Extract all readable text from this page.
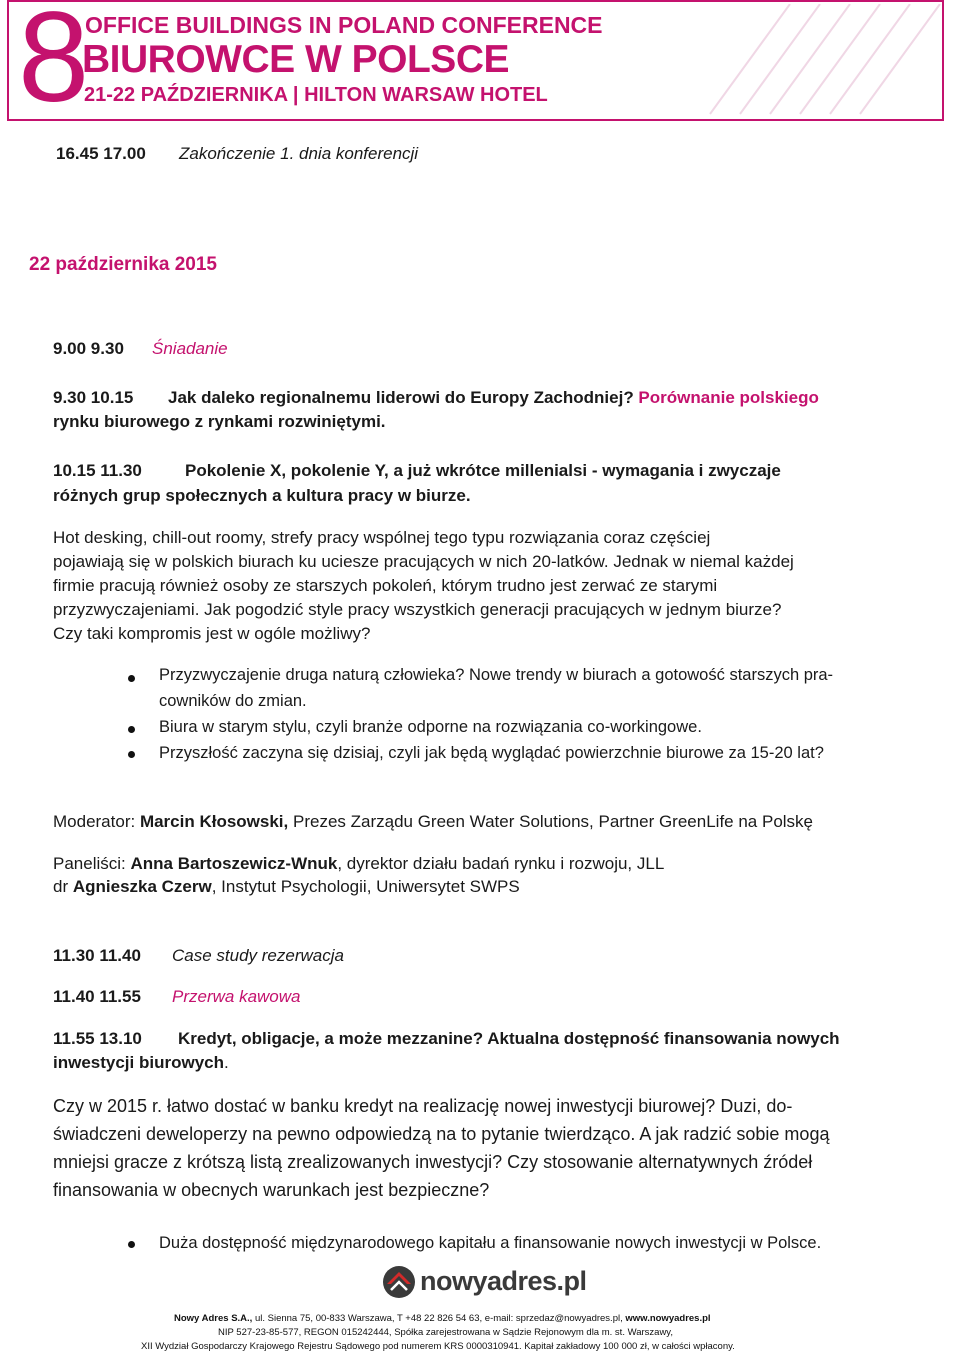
8
OFFICE BUILDINGS IN POLAND CONFERENCE
BIUROWCE W POLSCE
21-22 PAŹDZIERNIKA | HILTON WARSAW HOTEL
16.45 17.00 Zakończenie 1. dnia konferencji
22 października 2015
9.00 9.30 Śniadanie
9.30 10.15 Jak daleko regionalnemu liderowi do Europy Zachodniej? Porównanie polskiego
rynku biurowego z rynkami rozwiniętymi.
10.15 11.30	Pokolenie X, pokolenie Y, a już wkrótce millenialsi - wymagania i zwyczaje
różnych grup społecznych a kultura pracy w biurze.
Hot desking, chill-out roomy, strefy pracy wspólnej tego typu rozwiązania coraz częściej
pojawiają się w polskich biurach ku uciesze pracujących w nich 20-latków. Jednak w niemal każdej
firmie pracują również osoby ze starszych pokoleń, którym trudno jest zerwać ze starymi
przyzwyczajeniami. Jak pogodzić style pracy wszystkich generacji pracujących w jednym biurze?
Czy taki kompromis jest w ogóle możliwy?
Przyzwyczajenie druga naturą człowieka? Nowe trendy w biurach a gotowość starszych pra-
cowników do zmian.
Biura w starym stylu, czyli branże odporne na rozwiązania co-workingowe.
Przyszłość zaczyna się dzisiaj, czyli jak będą wyglądać powierzchnie biurowe za 15-20 lat?
Moderator: Marcin Kłosowski, Prezes Zarządu Green Water Solutions, Partner GreenLife na Polskę
Paneliści: Anna Bartoszewicz-Wnuk, dyrektor działu badań rynku i rozwoju, JLL
dr Agnieszka Czerw, Instytut Psychologii, Uniwersytet SWPS
11.30 11.40 Case study rezerwacja
11.40 11.55 Przerwa kawowa
11.55 13.10 Kredyt, obligacje, a może mezzanine? Aktualna dostępność finansowania nowych
inwestycji biurowych.
Czy w 2015 r. łatwo dostać w banku kredyt na realizację nowej inwestycji biurowej? Duzi, do-
świadczeni deweloperzy na pewno odpowiedzą na to pytanie twierdząco. A jak radzić sobie mogą
mniejsi gracze z krótszą listą zrealizowanych inwestycji? Czy stosowanie alternatywnych źródeł
finansowania w obecnych warunkach jest bezpieczne?
Duża dostępność międzynarodowego kapitału a finansowanie nowych inwestycji w Polsce.
nowyadres.pl
Nowy Adres S.A., ul. Sienna 75, 00-833 Warszawa, T +48 22 826 54 63, e-mail: sprzedaz@nowyadres.pl, www.nowyadres.pl
NIP 527-23-85-577, REGON 015242444, Spółka zarejestrowana w Sądzie Rejonowym dla m. st. Warszawy,
XII Wydział Gospodarczy Krajowego Rejestru Sądowego pod numerem KRS 0000310941. Kapitał zakładowy 100 000 zł, w całości wpłacony.
